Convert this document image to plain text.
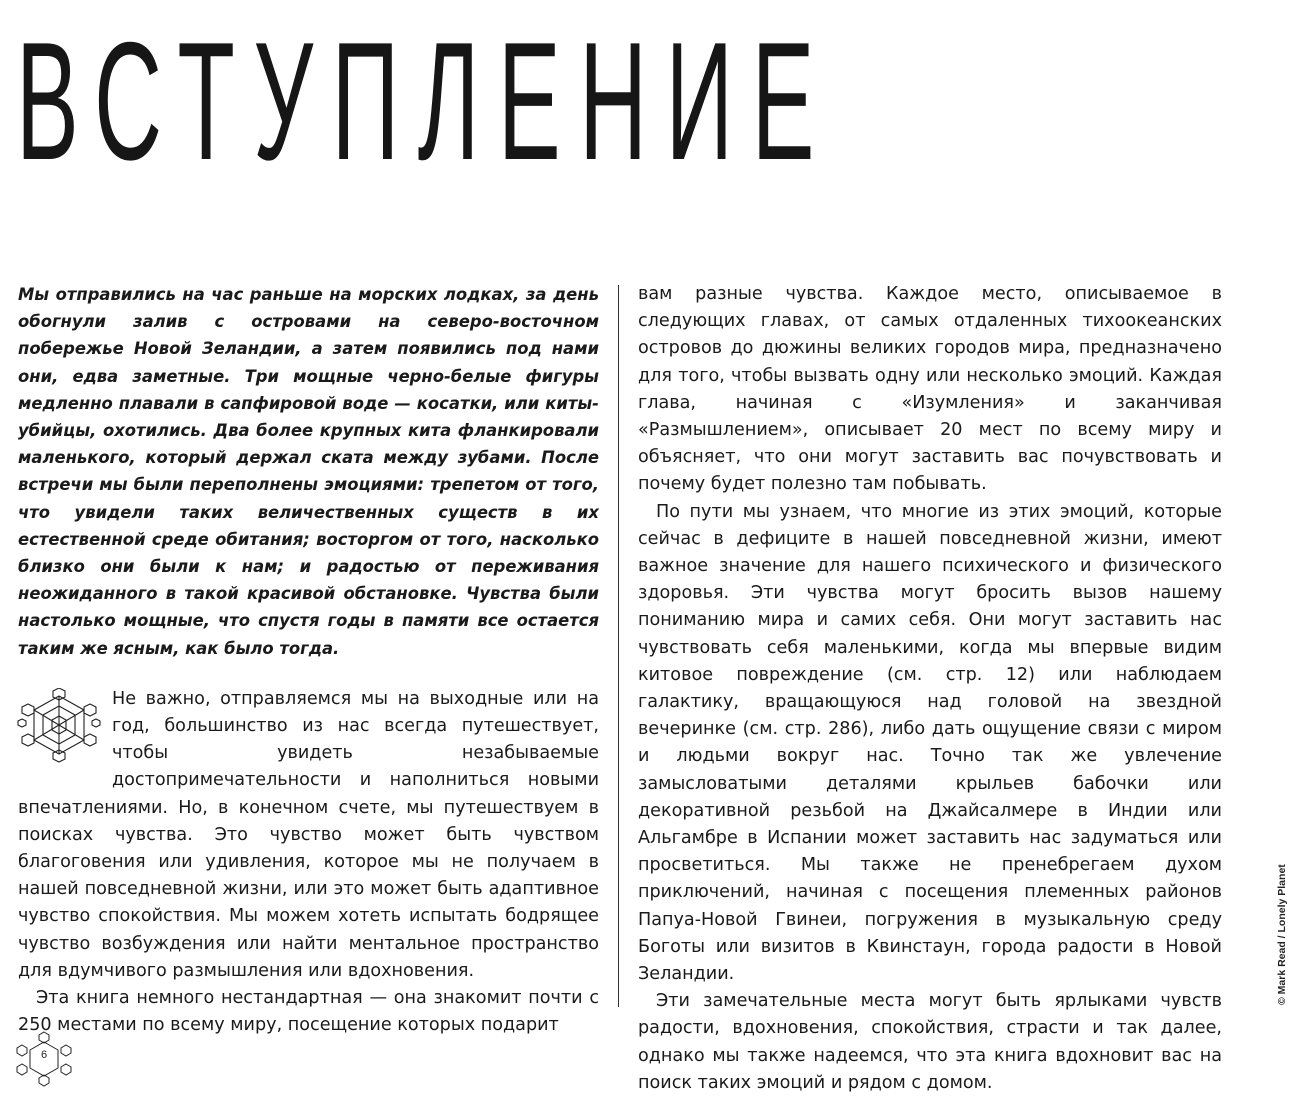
ВСТУПЛЕНИЕ

Мы отправились на час раньше на морских лодках, за день обогнули залив с островами на северо-восточном побережье Новой Зеландии, а затем появились под нами они, едва заметные. Три мощные черно-белые фигуры медленно плавали в сапфировой воде — косатки, или киты-убийцы, охотились. Два более крупных кита фланкировали маленького, который держал ската между зубами. После встречи мы были переполнены эмоциями: трепетом от того, что увидели таких величественных существ в их естественной среде обитания; восторгом от того, насколько близко они были к нам; и радостью от переживания неожиданного в такой красивой обстановке. Чувства были настолько мощные, что спустя годы в памяти все остается таким же ясным, как было тогда.

Не важно, отправляемся мы на выходные или на год, большинство из нас всегда путешествует, чтобы увидеть незабываемые достопримечательности и наполниться новыми впечатлениями. Но, в конечном счете, мы путешествуем в поисках чувства. Это чувство может быть чувством благоговения или удивления, которое мы не получаем в нашей повседневной жизни, или это может быть адаптивное чувство спокойствия. Мы можем хотеть испытать бодрящее чувство возбуждения или найти ментальное пространство для вдумчивого размышления или вдохновения.

Эта книга немного нестандартная — она знакомит почти с 250 местами по всему миру, посещение которых подарит

вам разные чувства. Каждое место, описываемое в следующих главах, от самых отдаленных тихоокеанских островов до дюжины великих городов мира, предназначено для того, чтобы вызвать одну или несколько эмоций. Каждая глава, начиная с «Изумления» и заканчивая «Размышлением», описывает 20 мест по всему миру и объясняет, что они могут заставить вас почувствовать и почему будет полезно там побывать.

По пути мы узнаем, что многие из этих эмоций, которые сейчас в дефиците в нашей повседневной жизни, имеют важное значение для нашего психического и физического здоровья. Эти чувства могут бросить вызов нашему пониманию мира и самих себя. Они могут заставить нас чувствовать себя маленькими, когда мы впервые видим китовое повреждение (см. стр. 12) или наблюдаем галактику, вращающуюся над головой на звездной вечеринке (см. стр. 286), либо дать ощущение связи с миром и людьми вокруг нас. Точно так же увлечение замысловатыми деталями крыльев бабочки или декоративной резьбой на Джайсалмере в Индии или Альгамбре в Испании может заставить нас задуматься или просветиться. Мы также не пренебрегаем духом приключений, начиная с посещения племенных районов Папуа-Новой Гвинеи, погружения в музыкальную среду Боготы или визитов в Квинстаун, города радости в Новой Зеландии.

Эти замечательные места могут быть ярлыками чувств радости, вдохновения, спокойствия, страсти и так далее, однако мы также надеемся, что эта книга вдохновит вас на поиск таких эмоций и рядом с домом.

© Mark Read / Lonely Planet
6
